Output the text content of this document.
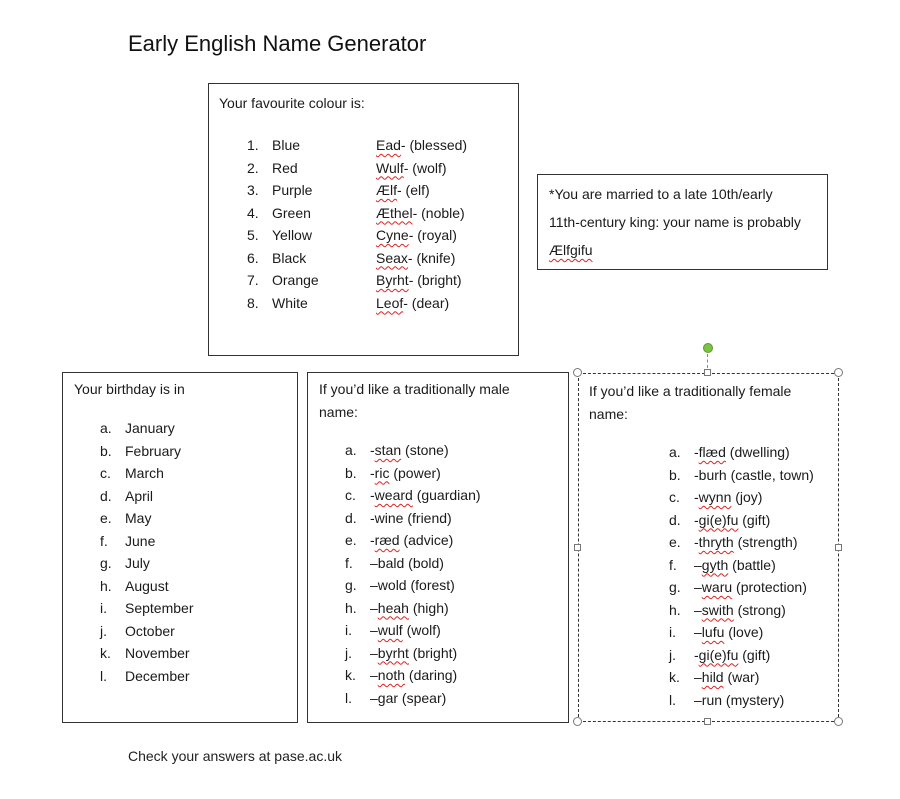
Early English Name Generator
Your favourite colour is:
1. Blue	Ead- (blessed)
2. Red	Wulf- (wolf)
3. Purple	Ælf- (elf)
4. Green	Æthel- (noble)
5. Yellow	Cyne- (royal)
6. Black	Seax- (knife)
7. Orange	Byrht- (bright)
8. White	Leof- (dear)
*You are married to a late 10th/early
11th-century king: your name is probably
Ælfgifu
Your birthday is in
a. January
b. February
c. March
d. April
e. May
f. June
g. July
h. August
i. September
j. October
k. November
l. December
If you’d like a traditionally male
name:
a. -stan (stone)
b. -ric (power)
c. -weard (guardian)
d. -wine (friend)
e. -ræd (advice)
f. –bald (bold)
g. –wold (forest)
h. –heah (high)
i. –wulf (wolf)
j. –byrht (bright)
k. –noth (daring)
l. –gar (spear)
If you’d like a traditionally female
name:
a. -flæd (dwelling)
b. -burh (castle, town)
c. -wynn (joy)
d. -gi(e)fu (gift)
e. -thryth (strength)
f. –gyth (battle)
g. –waru (protection)
h. –swith (strong)
i. –lufu (love)
j. -gi(e)fu (gift)
k. –hild (war)
l. –run (mystery)
Check your answers at pase.ac.uk
